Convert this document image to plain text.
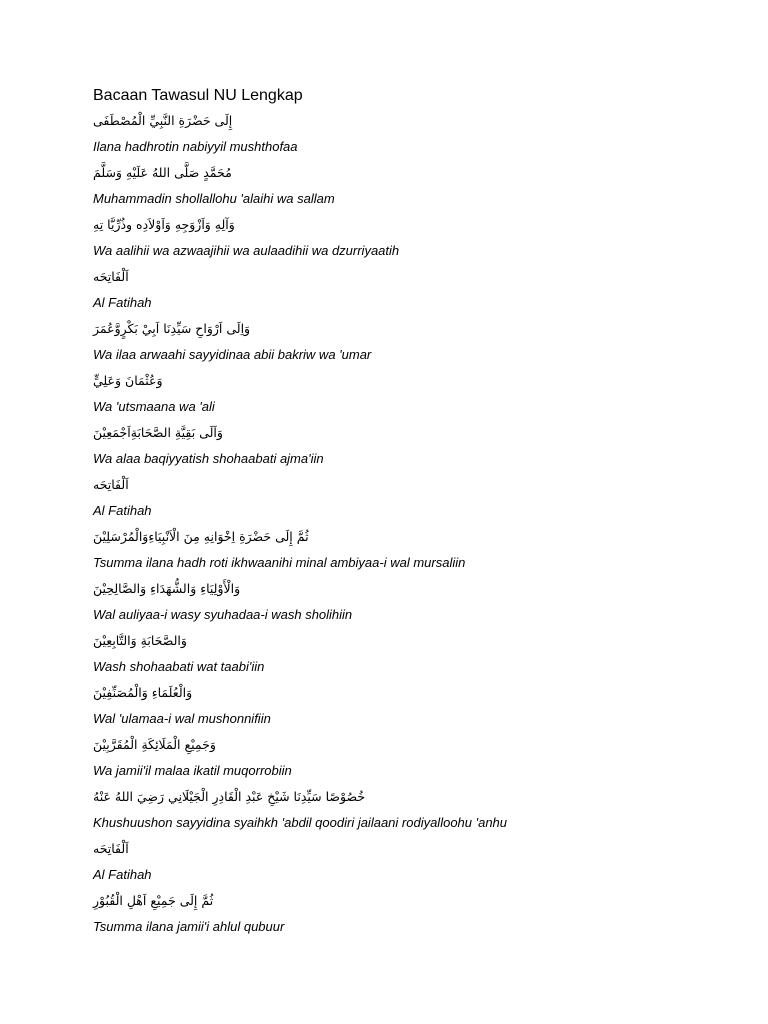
Bacaan Tawasul NU Lengkap
إِلَى حَضْرَةِ النَّبِيِّ الْمُصْطَفَى
Ilana hadhrotin nabiyyil mushthofaa
مُحَمَّدٍ صَلَّى اللهُ عَلَيْهِ وَسَلَّمَ
Muhammadin shollallohu 'alaihi wa sallam
وَآلِهِ وَاَزْوَجِهِ وَاَوْلاَدِه وذُرِّيَّا تِهِ
Wa aalihii wa azwaajihii wa aulaadihii wa dzurriyaatih
اَلْفَاتِحَه
Al Fatihah
وَاِلَى اَرْوَاحِ سَيِّدِنَا اَبِيْ بَكْرٍوَّعُمَرَ
Wa ilaa arwaahi sayyidinaa abii bakriw wa 'umar
وَعُثْمَانَ وَعَلِيٍّ
Wa 'utsmaana wa 'ali
وَاَلَى بَقِيَّةِ الصَّحَابَةِاَجْمَعِيْنَ
Wa alaa baqiyyatish shohaabati ajma'iin
اَلْفَاتِحَه
Al Fatihah
ثُمَّ إِلَى حَضْرَةِ اِخْوَانِهِ مِنَ الْاَنْبِيَاءِوَالْمُرْسَلِيْنَ
Tsumma ilana hadh roti ikhwaanihi minal ambiyaa-i wal mursaliin
وَالْأَوْلِيَاءِ وَالشُّهَدَاءِ وَالصَّالِحِيْنَ
Wal auliyaa-i wasy syuhadaa-i wash sholihiin
وَالصَّحَابَةِ وَالتَّابِعِيْنَ
Wash shohaabati wat taabi'iin
وَالْعُلَمَاءِ وَالْمُصَنِّفِيْنَ
Wal 'ulamaa-i wal mushonnifiin
وَجَمِيْعِ الْمَلَائِكَةِ الْمُقَرَّبِيْنَ
Wa jamii'il malaa ikatil muqorrobiin
خُصُوْصًا سَيِّدِنَا شَيْخِ عَبْدِ الْقَادِرِ الْجَيْلَانِي رَضِيَ اللهُ عَنْهُ
Khushuushon sayyidina syaihkh 'abdil qoodiri jailaani rodiyalloohu 'anhu
اَلْفَاتِحَه
Al Fatihah
ثُمَّ إِلَى جَمِيْعِ اَهْلِ الْقُبُوْرِ
Tsumma ilana jamii'i ahlul qubuur
